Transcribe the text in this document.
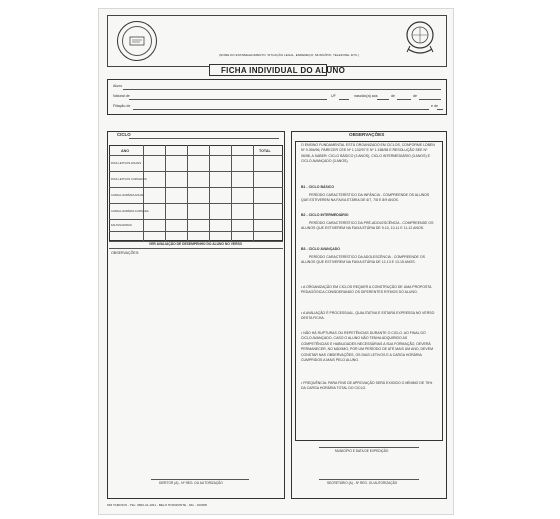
(NOME DO ESTABELECIMENTO, SITUAÇÃO LEGAL, ENDEREÇO, MUNICÍPIO, TELEFONE, ETC.)
FICHA INDIVIDUAL DO ALUNO
Aluno
Natural de	UF	nascido(a) aos	de	de
Filiação de	e de
CICLO
ANO	TOTAL
DIAS LETIVOS ANUAIS
DIAS LETIVOS CURSADOS
CARGA HORÁRIA ANUAL
CARGA HORÁRIA CURSADA
FALTAS/HORAS
VER AVALIAÇÃO DE DESEMPENHO DO ALUNO NO VERSO
OBSERVAÇÕES:
DIRETOR (A) - Nº REG. OU AUTORIZAÇÃO
OBSERVAÇÕES

O ENSINO FUNDAMENTAL ESTÁ ORGANIZADO EM CICLOS, CONFORME LDBEN Nº 9.394/96, PARECER CEE Nº 1.132/97 E Nº 1.158/98 E RESOLUÇÃO SEE Nº 06/98, A SABER: CICLO BÁSICO (3 ANOS), CICLO INTERMEDIÁRIO (3 ANOS) E CICLO AVANÇADO (3 ANOS).

B1 - CICLO BÁSICO

PERÍODO CARACTERÍSTICO DA INFÂNCIA - COMPREENDE OS ALUNOS QUE ESTIVEREM NA FAIXA ETÁRIA DE 6/7, 7/8 E 8/9 ANOS.

B2 - CICLO INTERMEDIÁRIO

PERÍODO CARACTERÍSTICO DA PRÉ-ADOLESCÊNCIA - COMPREENDE OS ALUNOS QUE ESTIVEREM NA FAIXA ETÁRIA DE 9-10, 10-11 E 11-12 ANOS.

B3 - CICLO AVANÇADO

PERÍODO CARACTERÍSTICO DA ADOLESCÊNCIA - COMPREENDE OS ALUNOS QUE ESTIVEREM NA FAIXA ETÁRIA DE 12-13 E 13-15 ANOS.

• A ORGANIZAÇÃO EM CICLOS REQUER A CONSTRUÇÃO DE UMA PROPOSTA PEDAGÓGICA CONSIDERANDO OS DIFERENTES RITMOS DO ALUNO.

• A AVALIAÇÃO É PROCESSUAL, QUALITATIVA E ESTARÁ EXPRESSA NO VERSO DESTA FICHA.

• NÃO HÁ RUPTURAS OU REPETÊNCIAS DURANTE O CICLO. AO FINAL DO CICLO AVANÇADO, CASO O ALUNO NÃO TENHA ADQUIRIDO AS COMPETÊNCIAS E HABILIDADES NECESSÁRIAS A SUA FORMAÇÃO, DEVERÁ PERMANECER, NO MÁXIMO, POR UM PERÍODO DE ATÉ MAIS UM ANO, DEVEM CONSTAR NAS OBSERVAÇÕES, OS DIAS LETIVOS E A CARGA HORÁRIA CUMPRIDOS A MAIS PELO ALUNO.

• FREQUÊNCIA: PARA FINS DE APROVAÇÃO SERÁ EXIGIDO O MÍNIMO DE 75% DA CARGA HORÁRIA TOTAL DO CICLO.

MUNICÍPIO E DATA DE EXPEDIÇÃO
SECRETÁRIO (A) - Nº REG. OU AUTORIZAÇÃO
063 TAMOIOS - TEL: 0800-31-1811 - BELO HORIZONTE - MG - 109005
